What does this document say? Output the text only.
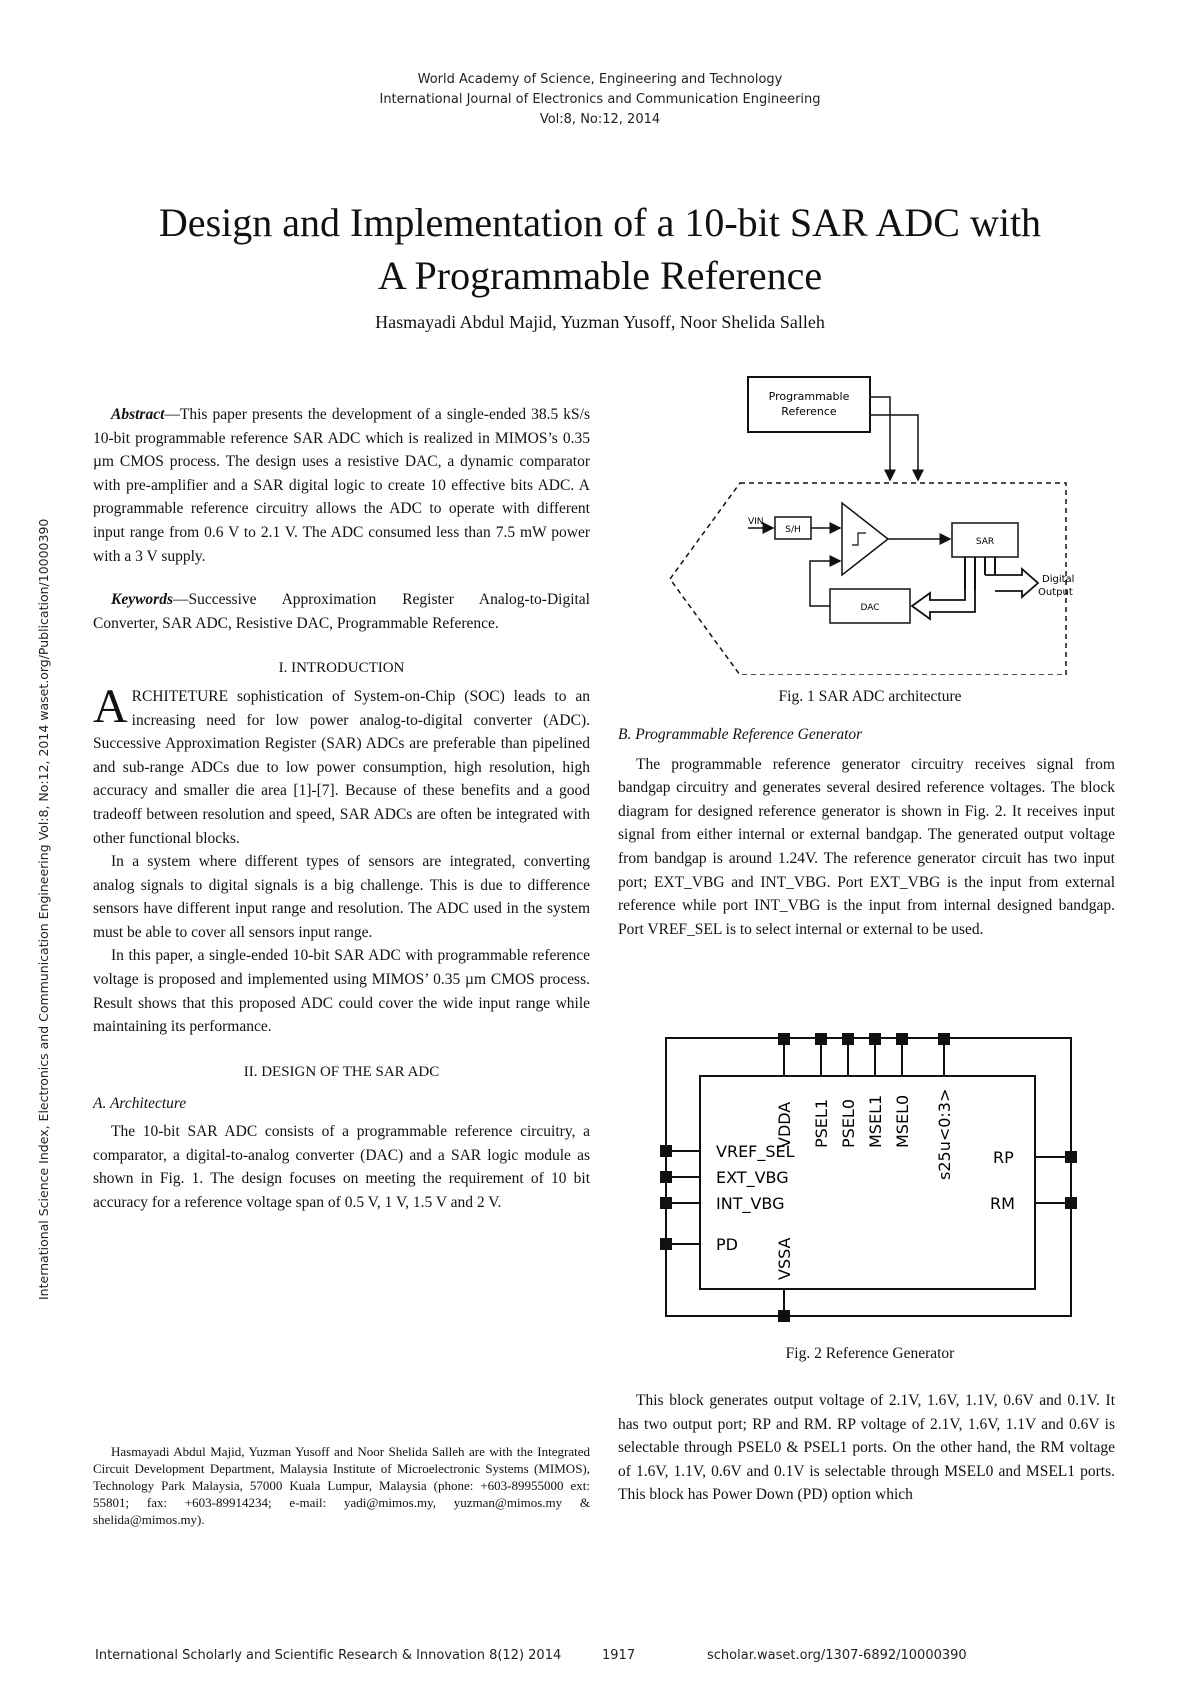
World Academy of Science, Engineering and Technology
International Journal of Electronics and Communication Engineering
Vol:8, No:12, 2014
Design and Implementation of a 10-bit SAR ADC with
A Programmable Reference
Hasmayadi Abdul Majid, Yuzman Yusoff, Noor Shelida Salleh
International Science Index, Electronics and Communication Engineering Vol:8, No:12, 2014 waset.org/Publication/10000390

Abstract—This paper presents the development of a single-ended 38.5 kS/s 10-bit programmable reference SAR ADC which is realized in MIMOS’s 0.35 µm CMOS process. The design uses a resistive DAC, a dynamic comparator with pre-amplifier and a SAR digital logic to create 10 effective bits ADC. A programmable reference circuitry allows the ADC to operate with different input range from 0.6 V to 2.1 V. The ADC consumed less than 7.5 mW power with a 3 V supply.

Keywords—Successive Approximation Register Analog-to-Digital Converter, SAR ADC, Resistive DAC, Programmable Reference.

I. INTRODUCTION

ARCHITETURE sophistication of System-on-Chip (SOC) leads to an increasing need for low power analog-to-digital converter (ADC). Successive Approximation Register (SAR) ADCs are preferable than pipelined and sub-range ADCs due to low power consumption, high resolution, high accuracy and smaller die area [1]-[7]. Because of these benefits and a good tradeoff between resolution and speed, SAR ADCs are often be integrated with other functional blocks.

In a system where different types of sensors are integrated, converting analog signals to digital signals is a big challenge. This is due to difference sensors have different input range and resolution. The ADC used in the system must be able to cover all sensors input range.

In this paper, a single-ended 10-bit SAR ADC with programmable reference voltage is proposed and implemented using MIMOS’ 0.35 µm CMOS process. Result shows that this proposed ADC could cover the wide input range while maintaining its performance.

II. DESIGN OF THE SAR ADC

A. Architecture

The 10-bit SAR ADC consists of a programmable reference circuitry, a comparator, a digital-to-analog converter (DAC) and a SAR logic module as shown in Fig. 1. The design focuses on meeting the requirement of 10 bit accuracy for a reference voltage span of 0.5 V, 1 V, 1.5 V and 2 V.

Hasmayadi Abdul Majid, Yuzman Yusoff and Noor Shelida Salleh are with the Integrated Circuit Development Department, Malaysia Institute of Microelectronic Systems (MIMOS), Technology Park Malaysia, 57000 Kuala Lumpur, Malaysia (phone: +603-89955000 ext: 55801; fax: +603-89914234; e-mail: yadi@mimos.my, yuzman@mimos.my & shelida@mimos.my).
Programmable
Reference
VIN
S/H
SAR
Digital
Output
DAC
Fig. 1 SAR ADC architecture

B. Programmable Reference Generator

The programmable reference generator circuitry receives signal from bandgap circuitry and generates several desired reference voltages. The block diagram for designed reference generator is shown in Fig. 2. It receives input signal from either internal or external bandgap. The generated output voltage from bandgap is around 1.24V. The reference generator circuit has two input port; EXT_VBG and INT_VBG. Port EXT_VBG is the input from external reference while port INT_VBG is the input from internal designed bandgap. Port VREF_SEL is to select internal or external to be used.

VDDA PSEL1 PSEL0 MSEL1 MSEL0 s25u<0:3>
VREF_SEL
EXT_VBG
INT_VBG
PD
RP
RM
VSSA
Fig. 2 Reference Generator

This block generates output voltage of 2.1V, 1.6V, 1.1V, 0.6V and 0.1V. It has two output port; RP and RM. RP voltage of 2.1V, 1.6V, 1.1V and 0.6V is selectable through PSEL0 & PSEL1 ports. On the other hand, the RM voltage of 1.6V, 1.1V, 0.6V and 0.1V is selectable through MSEL0 and MSEL1 ports. This block has Power Down (PD) option which

International Scholarly and Scientific Research & Innovation 8(12) 2014	1917	scholar.waset.org/1307-6892/10000390
